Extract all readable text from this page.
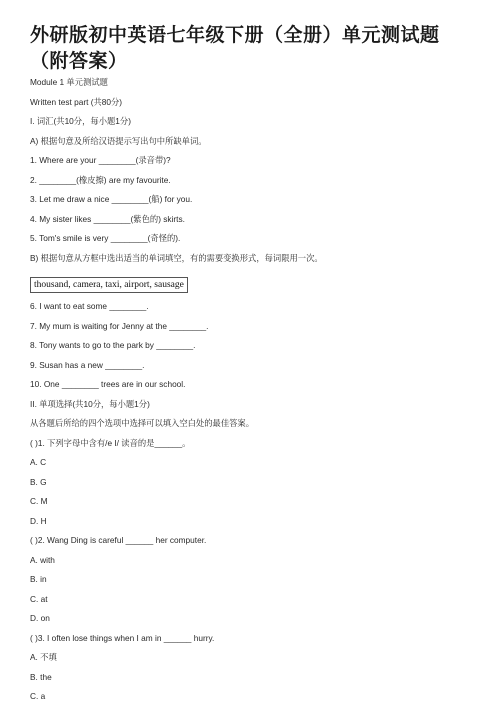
外研版初中英语七年级下册（全册）单元测试题（附答案）
Module 1 单元测试题
Written test part (共80分)
I. 词汇(共10分，每小题1分)
A) 根据句意及所给汉语提示写出句中所缺单词。
1. Where are your ________(录音带)?
2. ________(橡皮擦) are my favourite.
3. Let me draw a nice ________(船) for you.
4. My sister likes ________(紫色的) skirts.
5. Tom's smile is very ________(奇怪的).
B) 根据句意从方框中选出适当的单词填空，有的需要变换形式，每词限用一次。
thousand, camera, taxi, airport, sausage
6. I want to eat some ________.
7. My mum is waiting for Jenny at the ________.
8. Tony wants to go to the park by ________.
9. Susan has a new ________.
10. One ________ trees are in our school.
II. 单项选择(共10分，每小题1分)
从各题后所给的四个选项中选择可以填入空白处的最佳答案。
( )1. 下列字母中含有/e I/ 读音的是______。
A. C
B. G
C. M
D. H
( )2. Wang Ding is careful ______ her computer.
A. with
B. in
C. at
D. on
( )3. I often lose things when I am in ______ hurry.
A. 不填
B. the
C. a
